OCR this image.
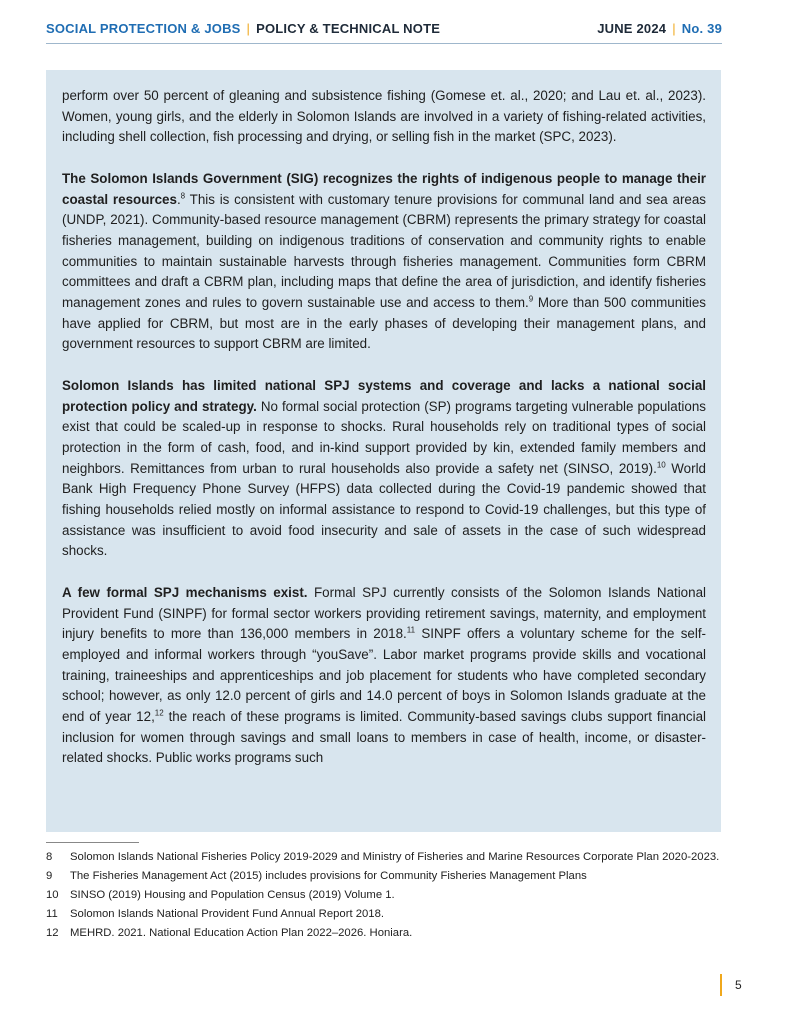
SOCIAL PROTECTION & JOBS | POLICY & TECHNICAL NOTE	JUNE 2024 | No. 39

perform over 50 percent of gleaning and subsistence fishing (Gomese et. al., 2020; and Lau et. al., 2023). Women, young girls, and the elderly in Solomon Islands are involved in a variety of fishing-related activities, including shell collection, fish processing and drying, or selling fish in the market (SPC, 2023).

The Solomon Islands Government (SIG) recognizes the rights of indigenous people to manage their coastal resources.$^8$ This is consistent with customary tenure provisions for communal land and sea areas (UNDP, 2021). Community-based resource management (CBRM) represents the primary strategy for coastal fisheries management, building on indigenous traditions of conservation and community rights to enable communities to maintain sustainable harvests through fisheries management. Communities form CBRM committees and draft a CBRM plan, including maps that define the area of jurisdiction, and identify fisheries management zones and rules to govern sustainable use and access to them.$^9$ More than 500 communities have applied for CBRM, but most are in the early phases of developing their management plans, and government resources to support CBRM are limited.

Solomon Islands has limited national SPJ systems and coverage and lacks a national social protection policy and strategy. No formal social protection (SP) programs targeting vulnerable populations exist that could be scaled-up in response to shocks. Rural households rely on traditional types of social protection in the form of cash, food, and in-kind support provided by kin, extended family members and neighbors. Remittances from urban to rural households also provide a safety net (SINSO, 2019).$^{10}$ World Bank High Frequency Phone Survey (HFPS) data collected during the Covid-19 pandemic showed that fishing households relied mostly on informal assistance to respond to Covid-19 challenges, but this type of assistance was insufficient to avoid food insecurity and sale of assets in the case of such widespread shocks.

A few formal SPJ mechanisms exist. Formal SPJ currently consists of the Solomon Islands National Provident Fund (SINPF) for formal sector workers providing retirement savings, maternity, and employment injury benefits to more than 136,000 members in 2018.11 SINPF offers a voluntary scheme for the self-employed and informal workers through “youSave”. Labor market programs provide skills and vocational training, traineeships and apprenticeships and job placement for students who have completed secondary school; however, as only 12.0 percent of girls and 14.0 percent of boys in Solomon Islands graduate at the end of year 12,12 the reach of these programs is limited. Community-based savings clubs support financial inclusion for women through savings and small loans to members in case of health, income, or disaster-related shocks. Public works programs such

8	Solomon Islands National Fisheries Policy 2019-2029 and Ministry of Fisheries and Marine Resources Corporate Plan 2020-2023.
9	The Fisheries Management Act (2015) includes provisions for Community Fisheries Management Plans
10	SINSO (2019) Housing and Population Census (2019) Volume 1.
11	Solomon Islands National Provident Fund Annual Report 2018.
12	MEHRD. 2021. National Education Action Plan 2022–2026. Honiara.
5
